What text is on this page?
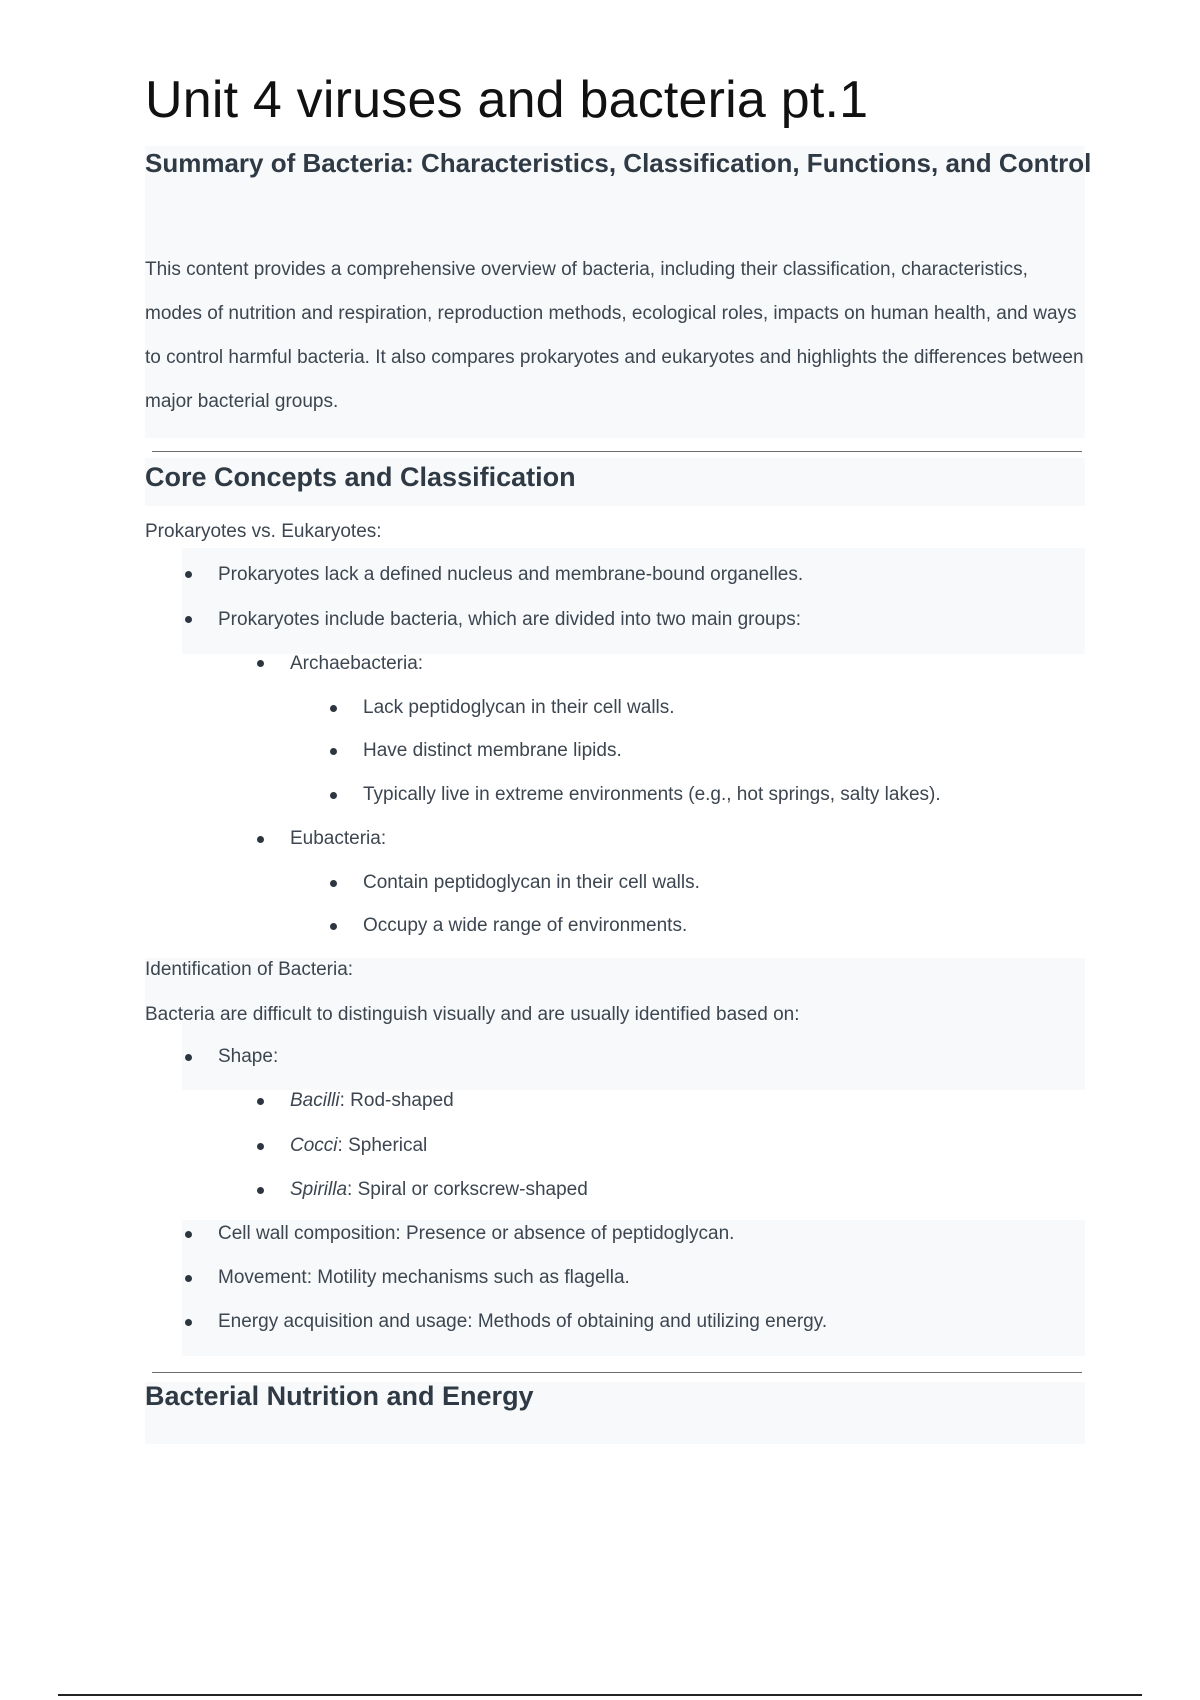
Unit 4 viruses and bacteria pt.1
Summary of Bacteria: Characteristics, Classification, Functions, and Control
This content provides a comprehensive overview of bacteria, including their classification, characteristics, modes of nutrition and respiration, reproduction methods, ecological roles, impacts on human health, and ways to control harmful bacteria. It also compares prokaryotes and eukaryotes and highlights the differences between major bacterial groups.
Core Concepts and Classification
Prokaryotes vs. Eukaryotes:
Prokaryotes lack a defined nucleus and membrane-bound organelles.
Prokaryotes include bacteria, which are divided into two main groups:
Archaebacteria:
Lack peptidoglycan in their cell walls.
Have distinct membrane lipids.
Typically live in extreme environments (e.g., hot springs, salty lakes).
Eubacteria:
Contain peptidoglycan in their cell walls.
Occupy a wide range of environments.
Identification of Bacteria:
Bacteria are difficult to distinguish visually and are usually identified based on:
Shape:
Bacilli: Rod-shaped
Cocci: Spherical
Spirilla: Spiral or corkscrew-shaped
Cell wall composition: Presence or absence of peptidoglycan.
Movement: Motility mechanisms such as flagella.
Energy acquisition and usage: Methods of obtaining and utilizing energy.
Bacterial Nutrition and Energy
